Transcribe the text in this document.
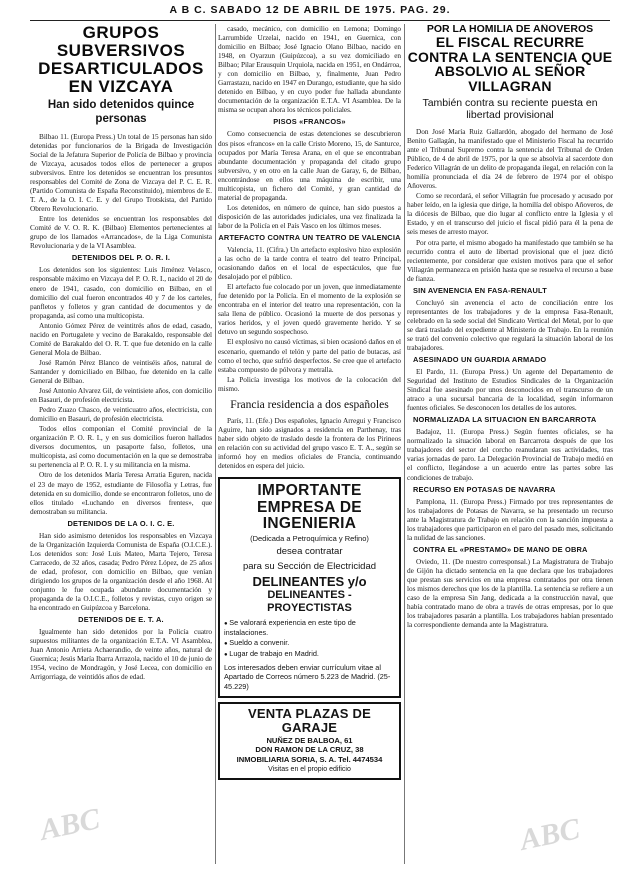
A B C. SABADO 12 DE ABRIL DE 1975. PAG. 29.
GRUPOS SUBVERSIVOS DESARTICULADOS EN VIZCAYA
Han sido detenidos quince personas
Bilbao 11. (Europa Press.) Un total de 15 personas han sido detenidas por funcionarios de la Brigada de Investigación Social de la Jefatura Superior de Policía de Bilbao y provincia de Vizcaya, acusados todos ellos de pertenecer a grupos subversivos. Entre los detenidos se encuentran los presuntos responsables del Comité de Zona de Vizcaya del P. C. E. R. (Partido Comunista de España Reconstituido), miembros de E. T. A., de la O. I. C. E. y del Grupo Trotskista, del Partido Obrero Revolucionario.
Entre los detenidos se encuentran los responsables del Comité de V. O. R. K. (Bilbao) Elementos pertenecientes al grupo de los llamados «Arrancados», de la Liga Comunista Revolucionaria y de la VI Asamblea.
DETENIDOS DEL P. O. R. I.
Los detenidos son los siguientes: Luis Jiménez Velasco, responsable máximo en Vizcaya del P. O. R. I., nacido el 20 de enero de 1941, casado, con domicilio en Bilbao, en el domicilio del cual fueron encontrados 40 y 7 de los carteles, panfletos y folletos y gran cantidad de documentos y de propaganda, así como una multicopista.
Antonio Gómez Pérez de veintitrés años de edad, casado, nacido en Portugalete y vecino de Barakaldo, responsable del Comité de Barakaldo del O. R. T. que fue detenido en la calle General Mola de Bilbao.
José Ramón Pérez Blanco de veintiséis años, natural de Santander y domiciliado en Bilbao, fue detenido en la calle General de Bilbao.
José Antonio Alvarez Gil, de veintisiete años, con domicilio en Basauri, de profesión electricista.
Pedro Zuazo Chasco, de veinticuatro años, electricista, con domicilio en Basauri, de profesión electricista.
Todos ellos componían el Comité provincial de la organización P. O. R. I., y en sus domicilios fueron hallados diversos documentos, un pasaporte falso, folletos, una multicopista, así como documentación en la que se demostraba su pertenencia al P. O. R. I. y su militancia en la misma.
Otro de los detenidos María Teresa Arratia Eguren, nacida el 23 de mayo de 1952, estudiante de Filosofía y Letras, fue detenida en su domicilio, donde se encontraron folletos, uno de ellos titulado «Luchando en diversos frentes», que demostraban su militancia.
DETENIDOS DE LA O. I. C. E.
Han sido asimismo detenidos los responsables en Vizcaya de la Organización Izquierda Comunista de España (O.I.C.E.). Los detenidos son: José Luis Mateo, Marta Tejero, Teresa Carracedo, de 32 años, casada; Pedro Pérez López, de 25 años de edad, profesor, con domicilio en Bilbao, que venían dirigiendo los grupos de la organización desde el año 1968. Al conjunto le fue ocupada abundante documentación y propaganda de la O.I.C.E., folletos y revistas, cuyo origen se ha encontrado en Guipúzcoa y Barcelona.
DETENIDOS DE E. T. A.
Igualmente han sido detenidos por la Policía cuatro supuestos militantes de la organización E.T.A. VI Asamblea, Juan Antonio Arrieta Achaerandio, de veinte años, natural de Guernica; Jesús María Ibarra Arrazola, nacido el 10 de junio de 1954, vecino de Mondragón, y José Lecea, con domicilio en Arrigorriaga, de veintidós años de edad.
casado, mecánico, con domicilio en Lemona; Domingo Larrumbide Urzelai, nacido en 1941, en Guernica, con domicilio en Bilbao; José Ignacio Olano Bilbao, nacido en 1948, en Oyarzun (Guipúzcoa), a su vez domiciliado en Bilbao; Pilar Erausquin Urquiola, nacida en 1951, en Ondárroa, y con domicilio en Bilbao, y, finalmente, Juan Pedro Garrastazu, nacido en 1947 en Durango, estudiante, que ha sido detenido en Bilbao, y en cuyo poder fue hallada abundante documentación de la organización E.T.A. VI Asamblea. De la misma se ocupan ahora los técnicos policiales.
PISOS «FRANCOS»
Como consecuencia de estas detenciones se descubrieron dos pisos «francos» en la calle Cristo Moreno, 15, de Santurce, ocupados por María Teresa Arana, en el que se encontraban abundante documentación y propaganda del citado grupo subversivo, y en otro en la calle Juan de Garay, 6, de Bilbao, encontrándose en ellos una máquina de escribir, una multicopista, un fichero del Comité, y gran cantidad de material de propaganda.
Los detenidos, en número de quince, han sido puestos a disposición de las autoridades judiciales, una vez finalizada la labor de la Policía en el País Vasco en los últimos meses.
ARTEFACTO CONTRA UN TEATRO DE VALENCIA
Valencia, 11. (Cifra.) Un artefacto explosivo hizo explosión a las ocho de la tarde contra el teatro del teatro Principal, ocasionando daños en el local de espectáculos, que fue desalojado por el público.
El artefacto fue colocado por un joven, que inmediatamente fue detenido por la Policía. En el momento de la explosión se encontraba en el interior del teatro una representación, con la sala llena de público. Ocasionó la muerte de dos personas y varios heridos, y el joven quedó gravemente herido. Y se detuvo un segundo sospechoso.
El explosivo no causó víctimas, si bien ocasionó daños en el escenario, quemando el telón y parte del patio de butacas, así como el techo, que sufrió desperfectos. Se cree que el artefacto estaba compuesto de pólvora y metralla.
La Policía investiga los motivos de la colocación del mismo.
Francia residencia a dos españoles
París, 11. (Efe.) Dos españoles, Ignacio Arregui y Francisco Aguirre, han sido asignados a residencia en Parthenay, tras haber sido objeto de traslado desde la frontera de los Pirineos en relación con su actividad del grupo vasco E. T. A., según se informó hoy en medios oficiales de Francia, continuando detenidos en espera del juicio.
IMPORTANTE EMPRESA DE INGENIERIA
(Dedicada a Petroquímica y Refino)
desea contratar
para su Sección de Electricidad
DELINEANTES y/o
DELINEANTES - PROYECTISTAS
● Se valorará experiencia en este tipo de instalaciones.
● Sueldo a convenir.
● Lugar de trabajo en Madrid.
Los interesados deben enviar currículum vitae al Apartado de Correos número 5.223 de Madrid. (25-45.229)
VENTA PLAZAS DE GARAJE
NUÑEZ DE BALBOA, 61
DON RAMON DE LA CRUZ, 38
INMOBILIARIA SORIA, S. A. Tel. 4474534
Visitas en el propio edificio
POR LA HOMILIA DE AÑOVEROS
EL FISCAL RECURRE CONTRA LA SENTENCIA QUE ABSOLVIO AL SEÑOR VILLAGRAN
También contra su reciente puesta en libertad provisional
Don José María Ruiz Gallardón, abogado del hermano de José Benito Gallagán, ha manifestado que el Ministerio Fiscal ha recurrido ante el Tribunal Supremo contra la sentencia del Tribunal de Orden Público, de 4 de abril de 1975, por la que se absolvía al sacerdote don Federico Villagrán de un delito de propaganda ilegal, en relación con la homilía pronunciada el día 24 de febrero de 1974 por el obispo Añoveros.
Como se recordará, el señor Villagrán fue procesado y acusado por haber leído, en la iglesia que dirige, la homilía del obispo Añoveros, de la diócesis de Bilbao, que dio lugar al conflicto entre la Iglesia y el Estado, y en el transcurso del juicio el fiscal pidió para él la pena de seis meses de arresto mayor.
Por otra parte, el mismo abogado ha manifestado que también se ha recurrido contra el auto de libertad provisional que el juez dictó recientemente, por considerar que existen motivos para que el señor Villagrán permanezca en prisión hasta que se resuelva el recurso a base de fianza.
SIN AVENENCIA EN FASA-RENAULT
Concluyó sin avenencia el acto de conciliación entre los representantes de los trabajadores y de la empresa Fasa-Renault, celebrado en la sede social del Sindicato Vertical del Metal, por lo que se dará traslado del expediente al Ministerio de Trabajo. En la reunión se trató del convenio colectivo que regulará la situación laboral de los trabajadores.
ASESINADO UN GUARDIA ARMADO
El Pardo, 11. (Europa Press.) Un agente del Departamento de Seguridad del Instituto de Estudios Sindicales de la Organización Sindical fue asesinado por unos desconocidos en el transcurso de un atraco a una sucursal bancaria de la localidad, según informaron fuentes oficiales. Se desconocen los detalles de los autores.
NORMALIZADA LA SITUACION EN BARCARROTA
Badajoz, 11. (Europa Press.) Según fuentes oficiales, se ha normalizado la situación laboral en Barcarrota después de que los trabajadores del sector del corcho reanudaran sus actividades, tras varias jornadas de paro. La Delegación Provincial de Trabajo medió en el conflicto, llegándose a un acuerdo entre las partes sobre las condiciones de trabajo.
RECURSO EN POTASAS DE NAVARRA
Pamplona, 11. (Europa Press.) Firmado por tres representantes de los trabajadores de Potasas de Navarra, se ha presentado un recurso ante la Magistratura de Trabajo en relación con la sanción impuesta a los trabajadores que participaron en el paro del pasado mes, solicitando la nulidad de las sanciones.
CONTRA EL «PRESTAMO» DE MANO DE OBRA
Oviedo, 11. (De nuestro corresponsal.) La Magistratura de Trabajo de Gijón ha dictado sentencia en la que declara que los trabajadores que prestan sus servicios en una empresa contratados por otra tienen los mismos derechos que los de la plantilla. La sentencia se refiere a un caso de la empresa Sin Jang, dedicada a la construcción naval, que había contratado mano de obra a través de otras empresas, por lo que los trabajadores pasarán a plantilla. Los trabajadores habían presentado la correspondiente demanda ante la Magistratura.
ABC	ABC
